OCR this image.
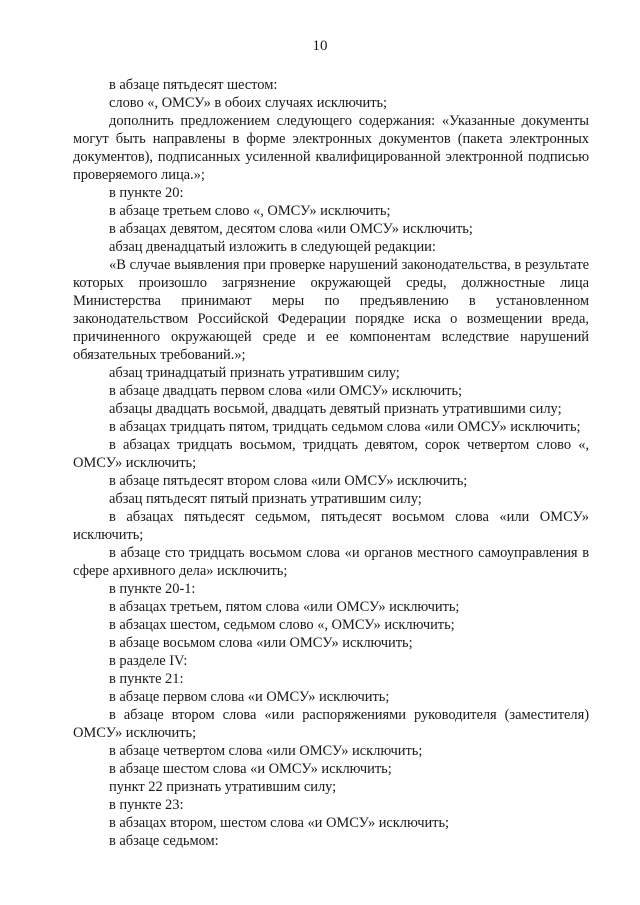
10

в абзаце пятьдесят шестом:

слово «, ОМСУ» в обоих случаях исключить;

дополнить предложением следующего содержания: «Указанные документы могут быть направлены в форме электронных документов (пакета электронных документов), подписанных усиленной квалифицированной электронной подписью проверяемого лица.»;

в пункте 20:

в абзаце третьем слово «, ОМСУ» исключить;

в абзацах девятом, десятом слова «или ОМСУ» исключить;

абзац двенадцатый изложить в следующей редакции:

«В случае выявления при проверке нарушений законодательства, в результате которых произошло загрязнение окружающей среды, должностные лица Министерства принимают меры по предъявлению в установленном законодательством Российской Федерации порядке иска о возмещении вреда, причиненного окружающей среде и ее компонентам вследствие нарушений обязательных требований.»;

абзац тринадцатый признать утратившим силу;

в абзаце двадцать первом слова «или ОМСУ» исключить;

абзацы двадцать восьмой, двадцать девятый признать утратившими силу;

в абзацах тридцать пятом, тридцать седьмом слова «или ОМСУ» исключить;

в абзацах тридцать восьмом, тридцать девятом, сорок четвертом слово «, ОМСУ» исключить;

в абзаце пятьдесят втором слова «или ОМСУ» исключить;

абзац пятьдесят пятый признать утратившим силу;

в абзацах пятьдесят седьмом, пятьдесят восьмом слова «или ОМСУ» исключить;

в абзаце сто тридцать восьмом слова «и органов местного самоуправления в сфере архивного дела» исключить;

в пункте 20-1:

в абзацах третьем, пятом слова «или ОМСУ» исключить;

в абзацах шестом, седьмом слово «, ОМСУ» исключить;

в абзаце восьмом слова «или ОМСУ» исключить;

в разделе IV:

в пункте 21:

в абзаце первом слова «и ОМСУ» исключить;

в абзаце втором слова «или распоряжениями руководителя (заместителя) ОМСУ» исключить;

в абзаце четвертом слова «или ОМСУ» исключить;

в абзаце шестом слова «и ОМСУ» исключить;

пункт 22 признать утратившим силу;

в пункте 23:

в абзацах втором, шестом слова «и ОМСУ» исключить;

в абзаце седьмом:
